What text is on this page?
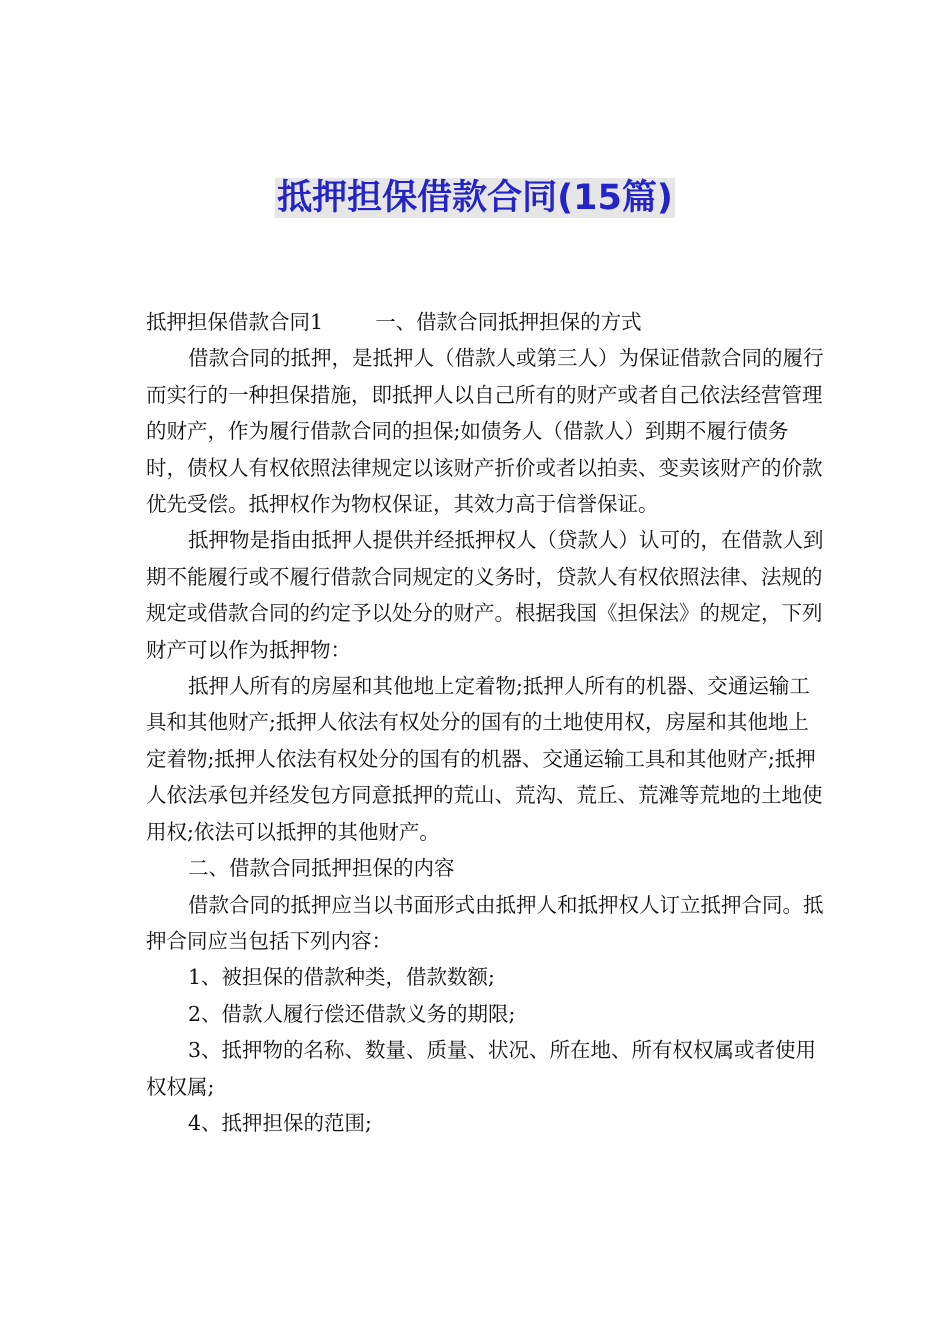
抵押担保借款合同(15篇)

抵押担保借款合同1	一、借款合同抵押担保的方式

借款合同的抵押，是抵押人（借款人或第三人）为保证借款合同的履行而实行的一种担保措施，即抵押人以自己所有的财产或者自己依法经营管理的财产，作为履行借款合同的担保;如债务人（借款人）到期不履行债务时，债权人有权依照法律规定以该财产折价或者以拍卖、变卖该财产的价款优先受偿。抵押权作为物权保证，其效力高于信誉保证。

抵押物是指由抵押人提供并经抵押权人（贷款人）认可的，在借款人到期不能履行或不履行借款合同规定的义务时，贷款人有权依照法律、法规的规定或借款合同的约定予以处分的财产。根据我国《担保法》的规定，下列财产可以作为抵押物：

抵押人所有的房屋和其他地上定着物;抵押人所有的机器、交通运输工具和其他财产;抵押人依法有权处分的国有的土地使用权，房屋和其他地上定着物;抵押人依法有权处分的国有的机器、交通运输工具和其他财产;抵押人依法承包并经发包方同意抵押的荒山、荒沟、荒丘、荒滩等荒地的土地使用权;依法可以抵押的其他财产。

二、借款合同抵押担保的内容

借款合同的抵押应当以书面形式由抵押人和抵押权人订立抵押合同。抵押合同应当包括下列内容：

1、被担保的借款种类，借款数额;

2、借款人履行偿还借款义务的期限;

3、抵押物的名称、数量、质量、状况、所在地、所有权权属或者使用权权属;

4、抵押担保的范围;
